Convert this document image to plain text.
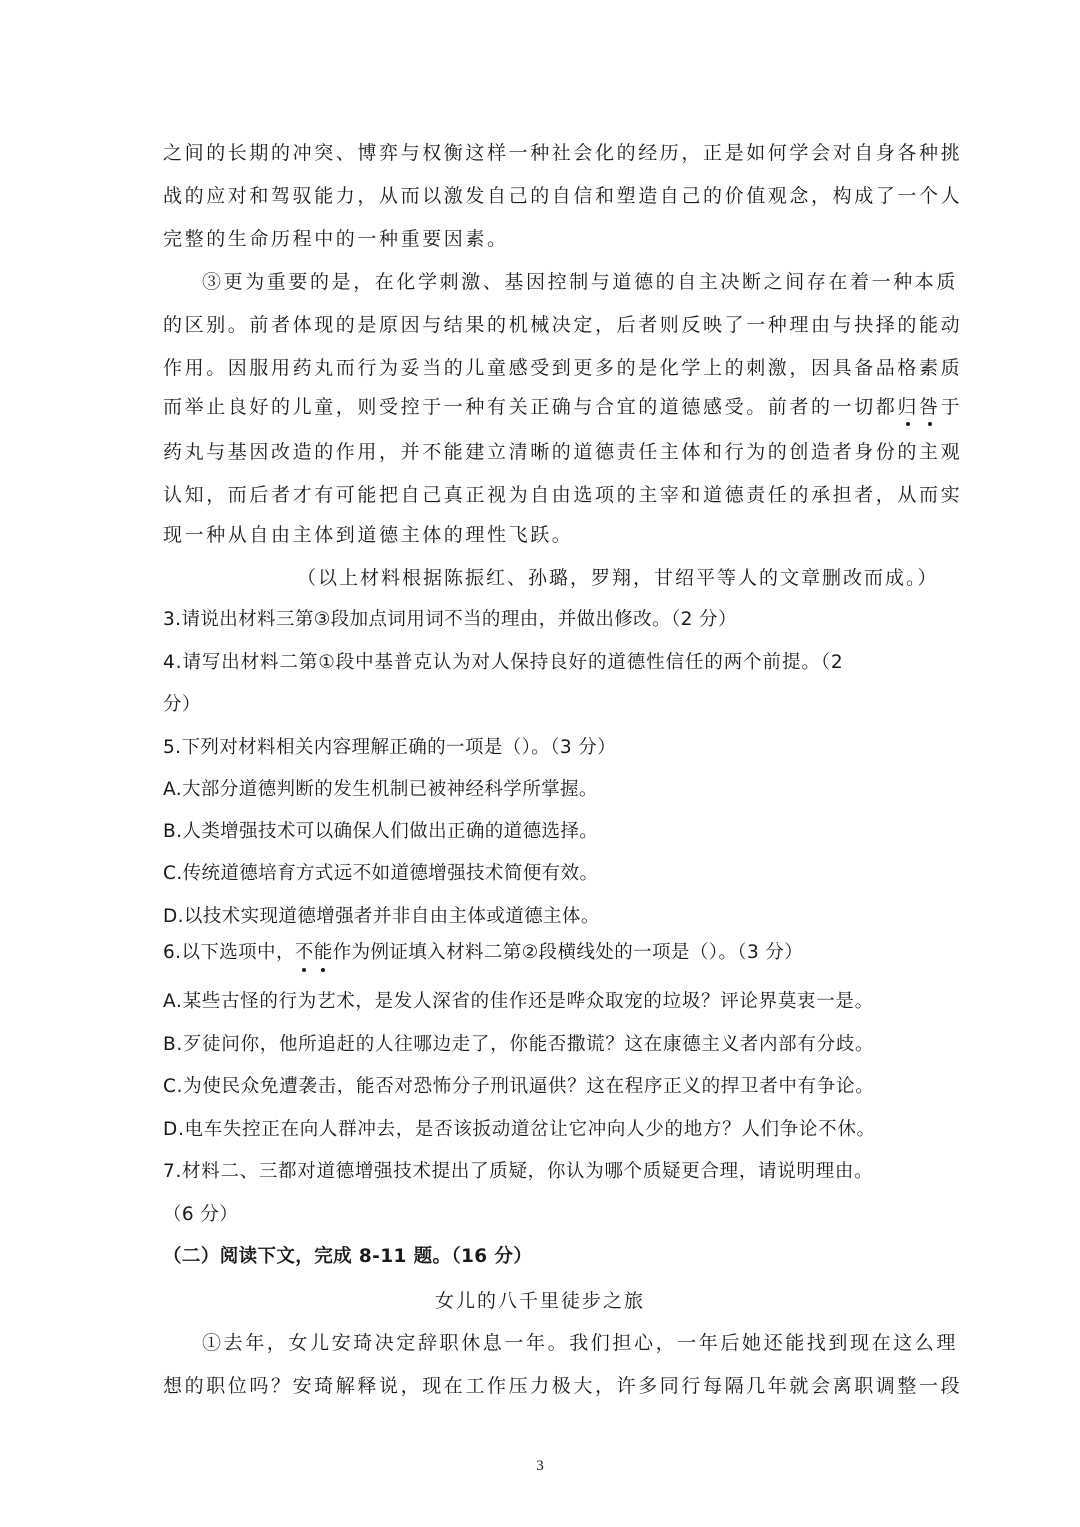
之间的长期的冲突、博弈与权衡这样一种社会化的经历，正是如何学会对自身各种挑
战的应对和驾驭能力，从而以激发自己的自信和塑造自己的价值观念，构成了一个人
完整的生命历程中的一种重要因素。
③更为重要的是，在化学刺激、基因控制与道德的自主决断之间存在着一种本质
的区别。前者体现的是原因与结果的机械决定，后者则反映了一种理由与抉择的能动
作用。因服用药丸而行为妥当的儿童感受到更多的是化学上的刺激，因具备品格素质
而举止良好的儿童，则受控于一种有关正确与合宜的道德感受。前者的一切都归咎于
药丸与基因改造的作用，并不能建立清晰的道德责任主体和行为的创造者身份的主观
认知，而后者才有可能把自己真正视为自由选项的主宰和道德责任的承担者，从而实
现一种从自由主体到道德主体的理性飞跃。
（以上材料根据陈振红、孙璐，罗翔，甘绍平等人的文章删改而成。）
3.请说出材料三第③段加点词用词不当的理由，并做出修改。（2 分）
4.请写出材料二第①段中基普克认为对人保持良好的道德性信任的两个前提。（2
分）
5.下列对材料相关内容理解正确的一项是（）。（3 分）
A.大部分道德判断的发生机制已被神经科学所掌握。
B.人类增强技术可以确保人们做出正确的道德选择。
C.传统道德培育方式远不如道德增强技术简便有效。
D.以技术实现道德增强者并非自由主体或道德主体。
6.以下选项中，不能作为例证填入材料二第②段横线处的一项是（）。（3 分）
A.某些古怪的行为艺术，是发人深省的佳作还是哗众取宠的垃圾？评论界莫衷一是。
B.歹徒问你，他所追赶的人往哪边走了，你能否撒谎？这在康德主义者内部有分歧。
C.为使民众免遭袭击，能否对恐怖分子刑讯逼供？这在程序正义的捍卫者中有争论。
D.电车失控正在向人群冲去，是否该扳动道岔让它冲向人少的地方？人们争论不休。
7.材料二、三都对道德增强技术提出了质疑，你认为哪个质疑更合理，请说明理由。
（6 分）
（二）阅读下文，完成 8-11 题。（16 分）
女儿的八千里徒步之旅
①去年，女儿安琦决定辞职休息一年。我们担心，一年后她还能找到现在这么理
想的职位吗？安琦解释说，现在工作压力极大，许多同行每隔几年就会离职调整一段
3
